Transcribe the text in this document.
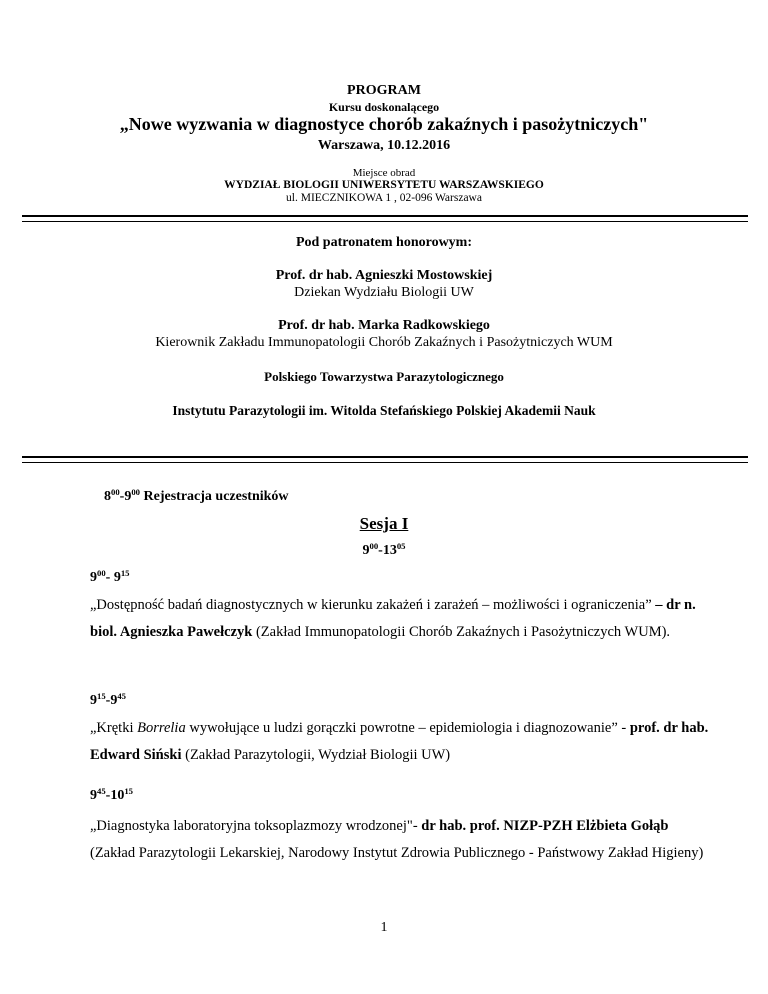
PROGRAM
Kursu doskonalącego
„Nowe wyzwania w diagnostyce chorób zakaźnych i pasożytniczych"
Warszawa, 10.12.2016
Miejsce obrad
WYDZIAŁ BIOLOGII UNIWERSYTETU WARSZAWSKIEGO
ul. MIECZNIKOWA 1 , 02-096 Warszawa
Pod patronatem honorowym:
Prof. dr hab. Agnieszki Mostowskiej
Dziekan Wydziału Biologii UW
Prof. dr hab. Marka Radkowskiego
Kierownik Zakładu Immunopatologii Chorób Zakaźnych i Pasożytniczych WUM
Polskiego Towarzystwa Parazytologicznego
Instytutu Parazytologii im. Witolda Stefańskiego Polskiej Akademii Nauk
$8^{00}-9^{00}$ Rejestracja uczestników
Sesja I
$9^{00}-13^{05}$
$9^{00}-$ $9^{15}$
„Dostępność badań diagnostycznych w kierunku zakażeń i zarażeń – możliwości i ograniczenia” – dr n. biol. Agnieszka Pawełczyk (Zakład Immunopatologii Chorób Zakaźnych i Pasożytniczych WUM).
$9^{15}-9^{45}$
„Krętki Borrelia wywołujące u ludzi gorączki powrotne – epidemiologia i diagnozowanie” - prof. dr hab. Edward Siński (Zakład Parazytologii, Wydział Biologii UW)
$9^{45}-10^{15}$
„Diagnostyka laboratoryjna toksoplazmozy wrodzonej"- dr hab. prof. NIZP-PZH Elżbieta Gołąb (Zakład Parazytologii Lekarskiej, Narodowy Instytut Zdrowia Publicznego - Państwowy Zakład Higieny)
1
